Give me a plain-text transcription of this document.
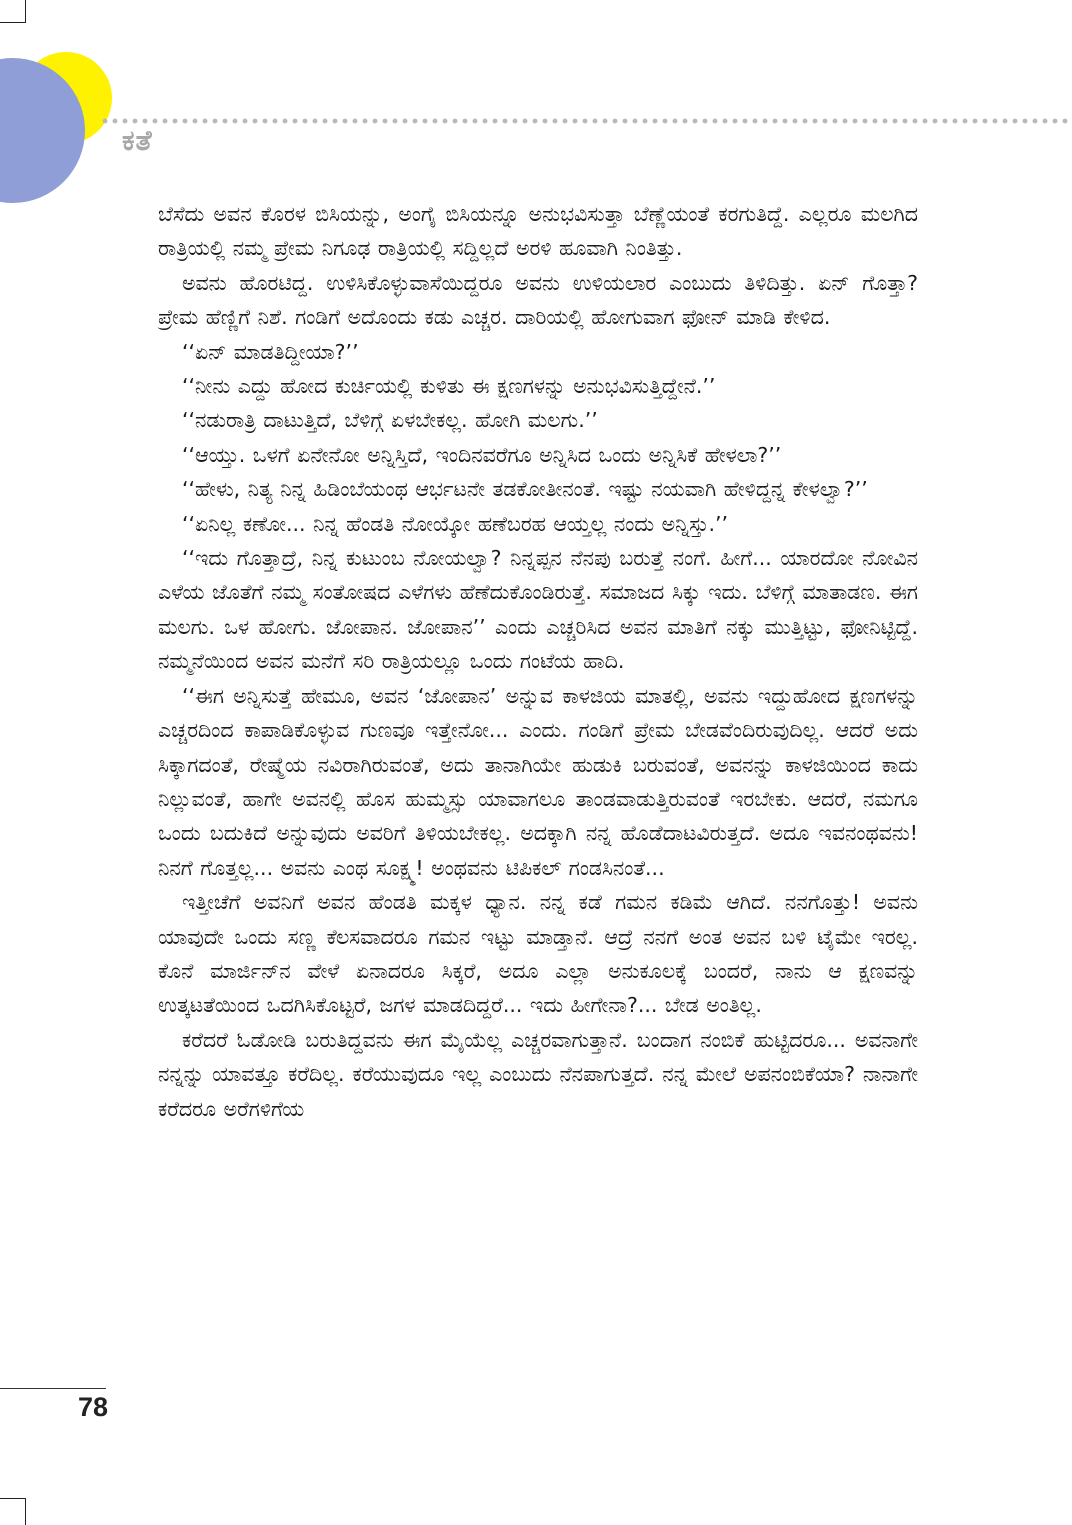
ಕತೆ

ಬೆಸೆದು ಅವನ ಕೊರಳ ಬಿಸಿಯನ್ನು, ಅಂಗೈ ಬಿಸಿಯನ್ನೂ ಅನುಭವಿಸುತ್ತಾ ಬೆಣ್ಣೆಯಂತೆ ಕರಗುತಿದ್ದೆ. ಎಲ್ಲರೂ ಮಲಗಿದ ರಾತ್ರಿಯಲ್ಲಿ ನಮ್ಮ ಪ್ರೇಮ ನಿಗೂಢ ರಾತ್ರಿಯಲ್ಲಿ ಸದ್ದಿಲ್ಲದೆ ಅರಳಿ ಹೂವಾಗಿ ನಿಂತಿತ್ತು.

ಅವನು ಹೊರಟಿದ್ದ. ಉಳಿಸಿಕೊಳ್ಳುವಾಸೆಯಿದ್ದರೂ ಅವನು ಉಳಿಯಲಾರ ಎಂಬುದು ತಿಳಿದಿತ್ತು. ಏನ್ ಗೊತ್ತಾ? ಪ್ರೇಮ ಹೆಣ್ಣಿಗೆ ನಿಶೆ. ಗಂಡಿಗೆ ಅದೊಂದು ಕಡು ಎಚ್ಚರ. ದಾರಿಯಲ್ಲಿ ಹೋಗುವಾಗ ಫೋನ್ ಮಾಡಿ ಕೇಳಿದ.

‘‘ಏನ್ ಮಾಡತಿದ್ದೀಯಾ?’’

‘‘ನೀನು ಎದ್ದು ಹೋದ ಕುರ್ಚಿಯಲ್ಲಿ ಕುಳಿತು ಈ ಕ್ಷಣಗಳನ್ನು ಅನುಭವಿಸುತ್ತಿದ್ದೇನೆ.’’

‘‘ನಡುರಾತ್ರಿ ದಾಟುತ್ತಿದೆ, ಬೆಳಿಗ್ಗೆ ಏಳಬೇಕಲ್ಲ. ಹೋಗಿ ಮಲಗು.’’

‘‘ಆಯ್ತು. ಒಳಗೆ ಏನೇನೋ ಅನ್ನಿಸ್ತಿದೆ, ಇಂದಿನವರೆಗೂ ಅನ್ನಿಸಿದ ಒಂದು ಅನ್ನಿಸಿಕೆ ಹೇಳಲಾ?’’

‘‘ಹೇಳು, ನಿತ್ಯ ನಿನ್ನ ಹಿಡಿಂಬೆಯಂಥ ಆರ್ಭಟನೇ ತಡಕೋತೀನಂತೆ. ಇಷ್ಟು ನಯವಾಗಿ ಹೇಳಿದ್ದನ್ನ ಕೇಳಲ್ವಾ?’’

‘‘ಏನಿಲ್ಲ ಕಣೋ... ನಿನ್ನ ಹೆಂಡತಿ ನೋಯ್ಕೋ ಹಣೆಬರಹ ಆಯ್ತಲ್ಲ ನಂದು ಅನ್ನಿಸ್ತು.’’

‘‘ಇದು ಗೊತ್ತಾದ್ರೆ, ನಿನ್ನ ಕುಟುಂಬ ನೋಯಲ್ವಾ? ನಿನ್ನಪ್ಪನ ನೆನಪು ಬರುತ್ತೆ ನಂಗೆ. ಹೀಗೆ... ಯಾರದೋ ನೋವಿನ ಎಳೆಯ ಜೊತೆಗೆ ನಮ್ಮ ಸಂತೋಷದ ಎಳೆಗಳು ಹೆಣೆದುಕೊಂಡಿರುತ್ತೆ. ಸಮಾಜದ ಸಿಕ್ಕು ಇದು. ಬೆಳಿಗ್ಗೆ ಮಾತಾಡಣ. ಈಗ ಮಲಗು. ಒಳ ಹೋಗು. ಜೋಪಾನ. ಜೋಪಾನ’’ ಎಂದು ಎಚ್ಚರಿಸಿದ ಅವನ ಮಾತಿಗೆ ನಕ್ಕು ಮುತ್ತಿಟ್ಟು, ಫೋನಿಟ್ಟಿದ್ದೆ. ನಮ್ಮನೆಯಿಂದ ಅವನ ಮನೆಗೆ ಸರಿ ರಾತ್ರಿಯಲ್ಲೂ ಒಂದು ಗಂಟೆಯ ಹಾದಿ.

‘‘ಈಗ ಅನ್ನಿಸುತ್ತೆ ಹೇಮೂ, ಅವನ ‘ಜೋಪಾನ’ ಅನ್ನುವ ಕಾಳಜಿಯ ಮಾತಲ್ಲಿ, ಅವನು ಇದ್ದುಹೋದ ಕ್ಷಣಗಳನ್ನು ಎಚ್ಚರದಿಂದ ಕಾಪಾಡಿಕೊಳ್ಳುವ ಗುಣವೂ ಇತ್ತೇನೋ... ಎಂದು. ಗಂಡಿಗೆ ಪ್ರೇಮ ಬೇಡವೆಂದಿರುವುದಿಲ್ಲ. ಆದರೆ ಅದು ಸಿಕ್ಕಾಗದಂತೆ, ರೇಷ್ಮೆಯ ನವಿರಾಗಿರುವಂತೆ, ಅದು ತಾನಾಗಿಯೇ ಹುಡುಕಿ ಬರುವಂತೆ, ಅವನನ್ನು ಕಾಳಜಿಯಿಂದ ಕಾದು ನಿಲ್ಲುವಂತೆ, ಹಾಗೇ ಅವನಲ್ಲಿ ಹೊಸ ಹುಮ್ಮಸ್ಸು ಯಾವಾಗಲೂ ತಾಂಡವಾಡುತ್ತಿರುವಂತೆ ಇರಬೇಕು. ಆದರೆ, ನಮಗೂ ಒಂದು ಬದುಕಿದೆ ಅನ್ನುವುದು ಅವರಿಗೆ ತಿಳಿಯಬೇಕಲ್ಲ. ಅದಕ್ಕಾಗಿ ನನ್ನ ಹೊಡೆದಾಟವಿರುತ್ತದೆ. ಅದೂ ಇವನಂಥವನು! ನಿನಗೆ ಗೊತ್ತಲ್ಲ... ಅವನು ಎಂಥ ಸೂಕ್ಷ್ಮ! ಅಂಥವನು ಟಿಪಿಕಲ್ ಗಂಡಸಿನಂತೆ...

ಇತ್ತೀಚೆಗೆ ಅವನಿಗೆ ಅವನ ಹೆಂಡತಿ ಮಕ್ಕಳ ಧ್ಯಾನ. ನನ್ನ ಕಡೆ ಗಮನ ಕಡಿಮೆ ಆಗಿದೆ. ನನಗೊತ್ತು! ಅವನು ಯಾವುದೇ ಒಂದು ಸಣ್ಣ ಕೆಲಸವಾದರೂ ಗಮನ ಇಟ್ಟು ಮಾಡ್ತಾನೆ. ಆದ್ರೆ ನನಗೆ ಅಂತ ಅವನ ಬಳಿ ಟೈಮೇ ಇರಲ್ಲ. ಕೊನೆ ಮಾರ್ಜಿನ್‌ನ ವೇಳೆ ಏನಾದರೂ ಸಿಕ್ಕರೆ, ಅದೂ ಎಲ್ಲಾ ಅನುಕೂಲಕ್ಕೆ ಬಂದರೆ, ನಾನು ಆ ಕ್ಷಣವನ್ನು ಉತ್ಕಟತೆಯಿಂದ ಒದಗಿಸಿಕೊಟ್ಟರೆ, ಜಗಳ ಮಾಡದಿದ್ದರೆ... ಇದು ಹೀಗೇನಾ?... ಬೇಡ ಅಂತಿಲ್ಲ.

ಕರೆದರೆ ಓಡೋಡಿ ಬರುತಿದ್ದವನು ಈಗ ಮೈಯೆಲ್ಲ ಎಚ್ಚರವಾಗುತ್ತಾನೆ. ಬಂದಾಗ ನಂಬಿಕೆ ಹುಟ್ಟಿದರೂ... ಅವನಾಗೇ ನನ್ನನ್ನು ಯಾವತ್ತೂ ಕರೆದಿಲ್ಲ. ಕರೆಯುವುದೂ ಇಲ್ಲ ಎಂಬುದು ನೆನಪಾಗುತ್ತದೆ. ನನ್ನ ಮೇಲೆ ಅಪನಂಬಿಕೆಯಾ? ನಾನಾಗೇ ಕರೆದರೂ ಅರೆಗಳಿಗೆಯ

78
